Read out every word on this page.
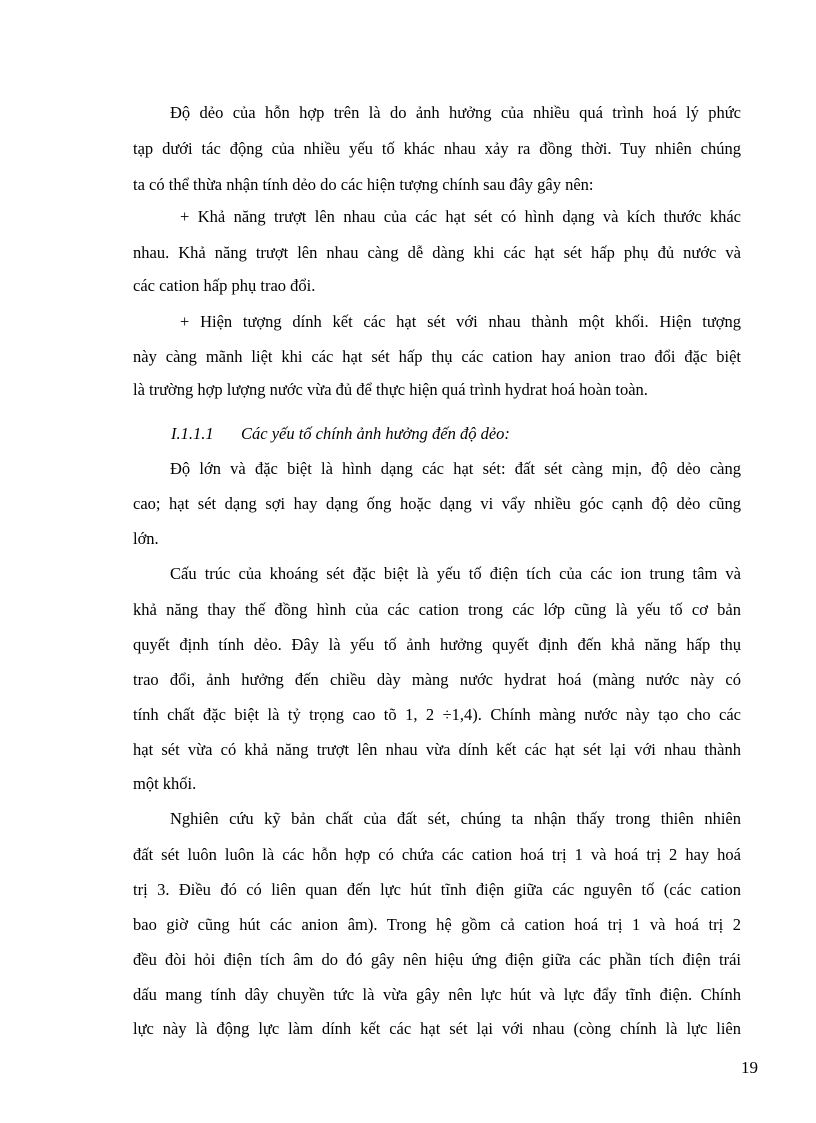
Độ dẻo của hỗn hợp trên là do ảnh hưởng của nhiều quá trình hoá lý phức
tạp dưới tác động của nhiều yếu tố khác nhau xảy ra đồng thời. Tuy nhiên chúng
ta có thể thừa nhận tính dẻo do các hiện tượng chính sau đây gây nên:
+ Khả năng trượt lên nhau của các hạt sét có hình dạng và kích thước khác
nhau. Khả năng trượt lên nhau càng dễ dàng khi các hạt sét hấp phụ đủ nước và
các cation hấp phụ trao đổi.
+ Hiện tượng dính kết các hạt sét với nhau thành một khối. Hiện tượng
này càng mãnh liệt khi các hạt sét hấp thụ các cation hay anion trao đổi đặc biệt
là trường hợp lượng nước vừa đủ để thực hiện quá trình hydrat hoá hoàn toàn.
I.1.1.1 Các yếu tố chính ảnh hưởng đến độ dẻo:
Độ lớn và đặc biệt là hình dạng các hạt sét: đất sét càng mịn, độ dẻo càng
cao; hạt sét dạng sợi hay dạng ống hoặc dạng vi vẩy nhiều góc cạnh độ dẻo cũng
lớn.
Cấu trúc của khoáng sét đặc biệt là yếu tố điện tích của các ion trung tâm và
khả năng thay thế đồng hình của các cation trong các lớp cũng là yếu tố cơ bản
quyết định tính dẻo. Đây là yếu tố ảnh hưởng quyết định đến khả năng hấp thụ
trao đổi, ảnh hưởng đến chiều dày màng nước hydrat hoá (màng nước này có
tính chất đặc biệt là tỷ trọng cao tõ 1, 2 ÷1,4). Chính màng nước này tạo cho các
hạt sét vừa có khả năng trượt lên nhau vừa dính kết các hạt sét lại với nhau thành
một khối.
Nghiên cứu kỹ bản chất của đất sét, chúng ta nhận thấy trong thiên nhiên
đất sét luôn luôn là các hỗn hợp có chứa các cation hoá trị 1 và hoá trị 2 hay hoá
trị 3. Điều đó có liên quan đến lực hút tĩnh điện giữa các nguyên tố (các cation
bao giờ cũng hút các anion âm). Trong hệ gồm cả cation hoá trị 1 và hoá trị 2
đều đòi hỏi điện tích âm do đó gây nên hiệu ứng điện giữa các phần tích điện trái
dấu mang tính dây chuyền tức là vừa gây nên lực hút và lực đẩy tĩnh điện. Chính
lực này là động lực làm dính kết các hạt sét lại với nhau (còng chính là lực liên
19
